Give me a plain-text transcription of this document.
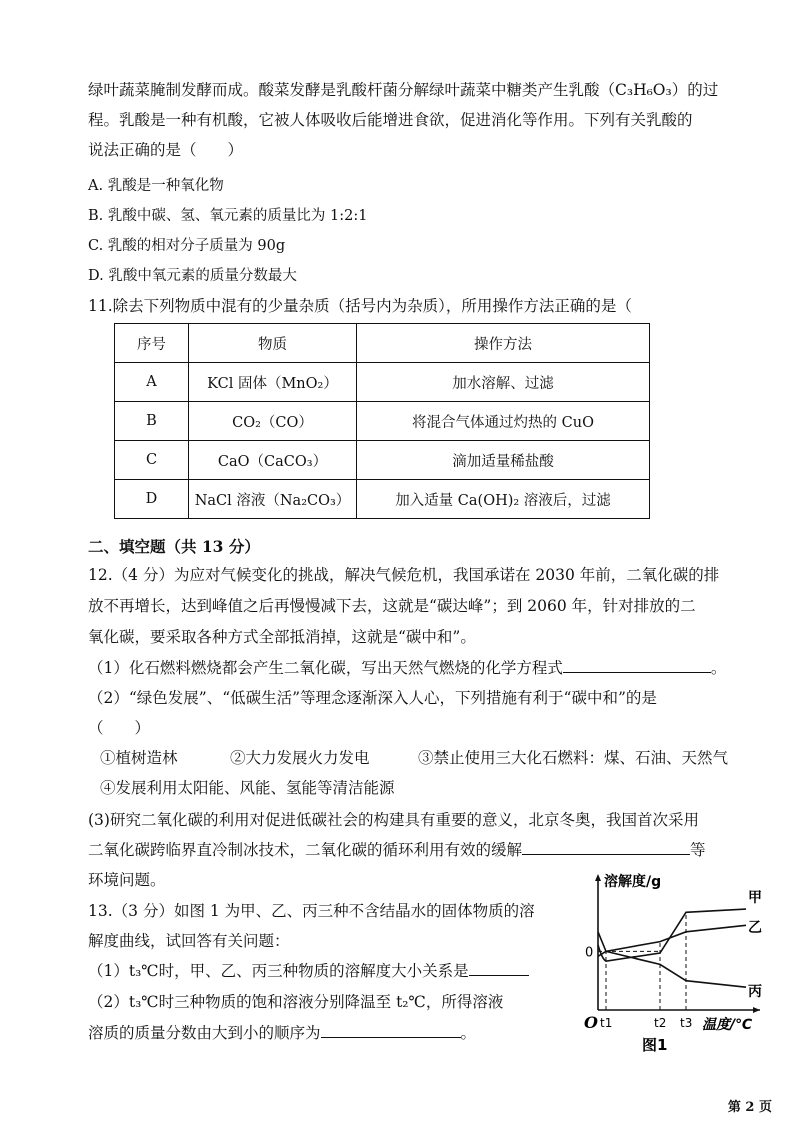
绿叶蔬菜腌制发酵而成。酸菜发酵是乳酸杆菌分解绿叶蔬菜中糖类产生乳酸（C₃H₆O₃）的过
程。乳酸是一种有机酸，它被人体吸收后能增进食欲，促进消化等作用。下列有关乳酸的
说法正确的是（　　）
A. 乳酸是一种氧化物
B. 乳酸中碳、氢、氧元素的质量比为 1:2:1
C. 乳酸的相对分子质量为 90g
D. 乳酸中氧元素的质量分数最大
11.除去下列物质中混有的少量杂质（括号内为杂质），所用操作方法正确的是（
序号	物质	操作方法
A	KCl 固体（MnO₂）	加水溶解、过滤
B	CO₂（CO）	将混合气体通过灼热的 CuO
C	CaO（CaCO₃）	滴加适量稀盐酸
D	NaCl 溶液（Na₂CO₃）	加入适量 Ca(OH)₂ 溶液后，过滤
二、填空题（共 13 分）
12.（4 分）为应对气候变化的挑战，解决气候危机，我国承诺在 2030 年前，二氧化碳的排
放不再增长，达到峰值之后再慢慢减下去，这就是“碳达峰”；到 2060 年，针对排放的二
氧化碳，要采取各种方式全部抵消掉，这就是“碳中和”。
（1）化石燃料燃烧都会产生二氧化碳，写出天然气燃烧的化学方程式	。
（2）“绿色发展”、“低碳生活”等理念逐渐深入人心，下列措施有利于“碳中和”的是
（　　）
①植树造林	②大力发展火力发电	③禁止使用三大化石燃料：煤、石油、天然气
④发展利用太阳能、风能、氢能等清洁能源
(3)研究二氧化碳的利用对促进低碳社会的构建具有重要的意义，北京冬奥，我国首次采用
二氧化碳跨临界直冷制冰技术，二氧化碳的循环利用有效的缓解	等
环境问题。
13.（3 分）如图 1 为甲、乙、丙三种不含结晶水的固体物质的溶
解度曲线，试回答有关问题：
（1）t₃℃时，甲、乙、丙三种物质的溶解度大小关系是
（2）t₃℃时三种物质的饱和溶液分别降温至 t₂℃，所得溶液
溶质的质量分数由大到小的顺序为	。
溶解度/g
温度/℃
O
0
t1	t2 t3
甲
乙
丙
图1
第 2 页
